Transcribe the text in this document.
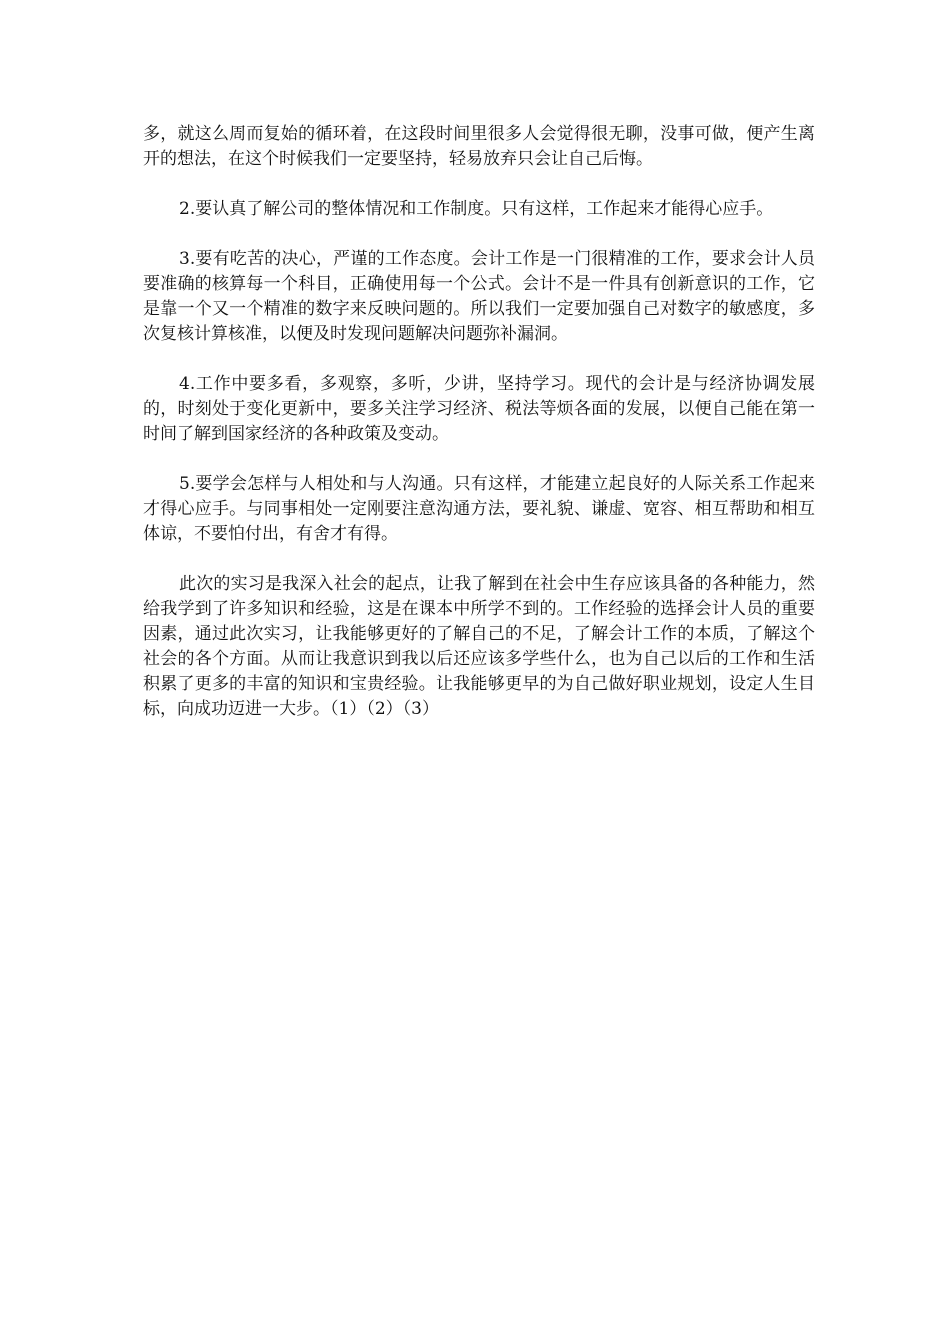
多，就这么周而复始的循环着，在这段时间里很多人会觉得很无聊，没事可做，便产生离开的想法，在这个时候我们一定要坚持，轻易放弃只会让自己后悔。

2.要认真了解公司的整体情况和工作制度。只有这样，工作起来才能得心应手。

3.要有吃苦的决心，严谨的工作态度。会计工作是一门很精准的工作，要求会计人员要准确的核算每一个科目，正确使用每一个公式。会计不是一件具有创新意识的工作，它是靠一个又一个精准的数字来反映问题的。所以我们一定要加强自己对数字的敏感度，多次复核计算核准，以便及时发现问题解决问题弥补漏洞。

4.工作中要多看，多观察，多听，少讲，坚持学习。现代的会计是与经济协调发展的，时刻处于变化更新中，要多关注学习经济、税法等烦各面的发展，以便自己能在第一时间了解到国家经济的各种政策及变动。

5.要学会怎样与人相处和与人沟通。只有这样，才能建立起良好的人际关系工作起来才得心应手。与同事相处一定刚要注意沟通方法，要礼貌、谦虚、宽容、相互帮助和相互体谅，不要怕付出，有舍才有得。

此次的实习是我深入社会的起点，让我了解到在社会中生存应该具备的各种能力，然给我学到了许多知识和经验，这是在课本中所学不到的。工作经验的选择会计人员的重要因素，通过此次实习，让我能够更好的了解自己的不足，了解会计工作的本质，了解这个社会的各个方面。从而让我意识到我以后还应该多学些什么，也为自己以后的工作和生活积累了更多的丰富的知识和宝贵经验。让我能够更早的为自己做好职业规划，设定人生目标，向成功迈进一大步。（1）（2）（3）
